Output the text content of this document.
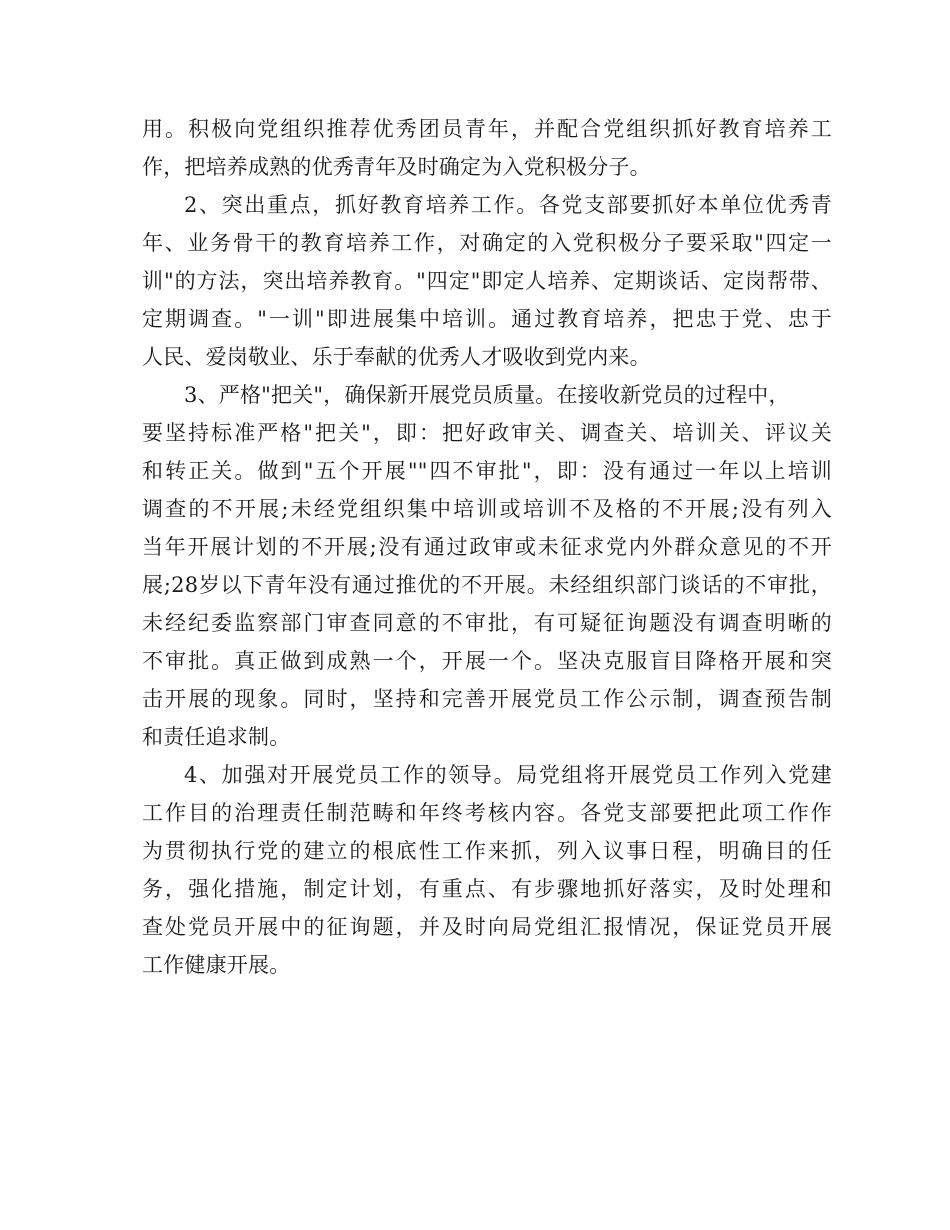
用。积极向党组织推荐优秀团员青年，并配合党组织抓好教育培养工
作，把培养成熟的优秀青年及时确定为入党积极分子。
2、突出重点，抓好教育培养工作。各党支部要抓好本单位优秀青
年、业务骨干的教育培养工作，对确定的入党积极分子要采取"四定一
训"的方法，突出培养教育。"四定"即定人培养、定期谈话、定岗帮带、
定期调查。"一训"即进展集中培训。通过教育培养，把忠于党、忠于
人民、爱岗敬业、乐于奉献的优秀人才吸收到党内来。
3、严格"把关"，确保新开展党员质量。在接收新党员的过程中，
要坚持标准严格"把关"，即：把好政审关、调查关、培训关、评议关
和转正关。做到"五个开展""四不审批"，即：没有通过一年以上培训
调查的不开展;未经党组织集中培训或培训不及格的不开展;没有列入
当年开展计划的不开展;没有通过政审或未征求党内外群众意见的不开
展;28岁以下青年没有通过推优的不开展。未经组织部门谈话的不审批，
未经纪委监察部门审查同意的不审批，有可疑征询题没有调查明晰的
不审批。真正做到成熟一个，开展一个。坚决克服盲目降格开展和突
击开展的现象。同时，坚持和完善开展党员工作公示制，调查预告制
和责任追求制。
4、加强对开展党员工作的领导。局党组将开展党员工作列入党建
工作目的治理责任制范畴和年终考核内容。各党支部要把此项工作作
为贯彻执行党的建立的根底性工作来抓，列入议事日程，明确目的任
务，强化措施，制定计划，有重点、有步骤地抓好落实，及时处理和
查处党员开展中的征询题，并及时向局党组汇报情况，保证党员开展
工作健康开展。
